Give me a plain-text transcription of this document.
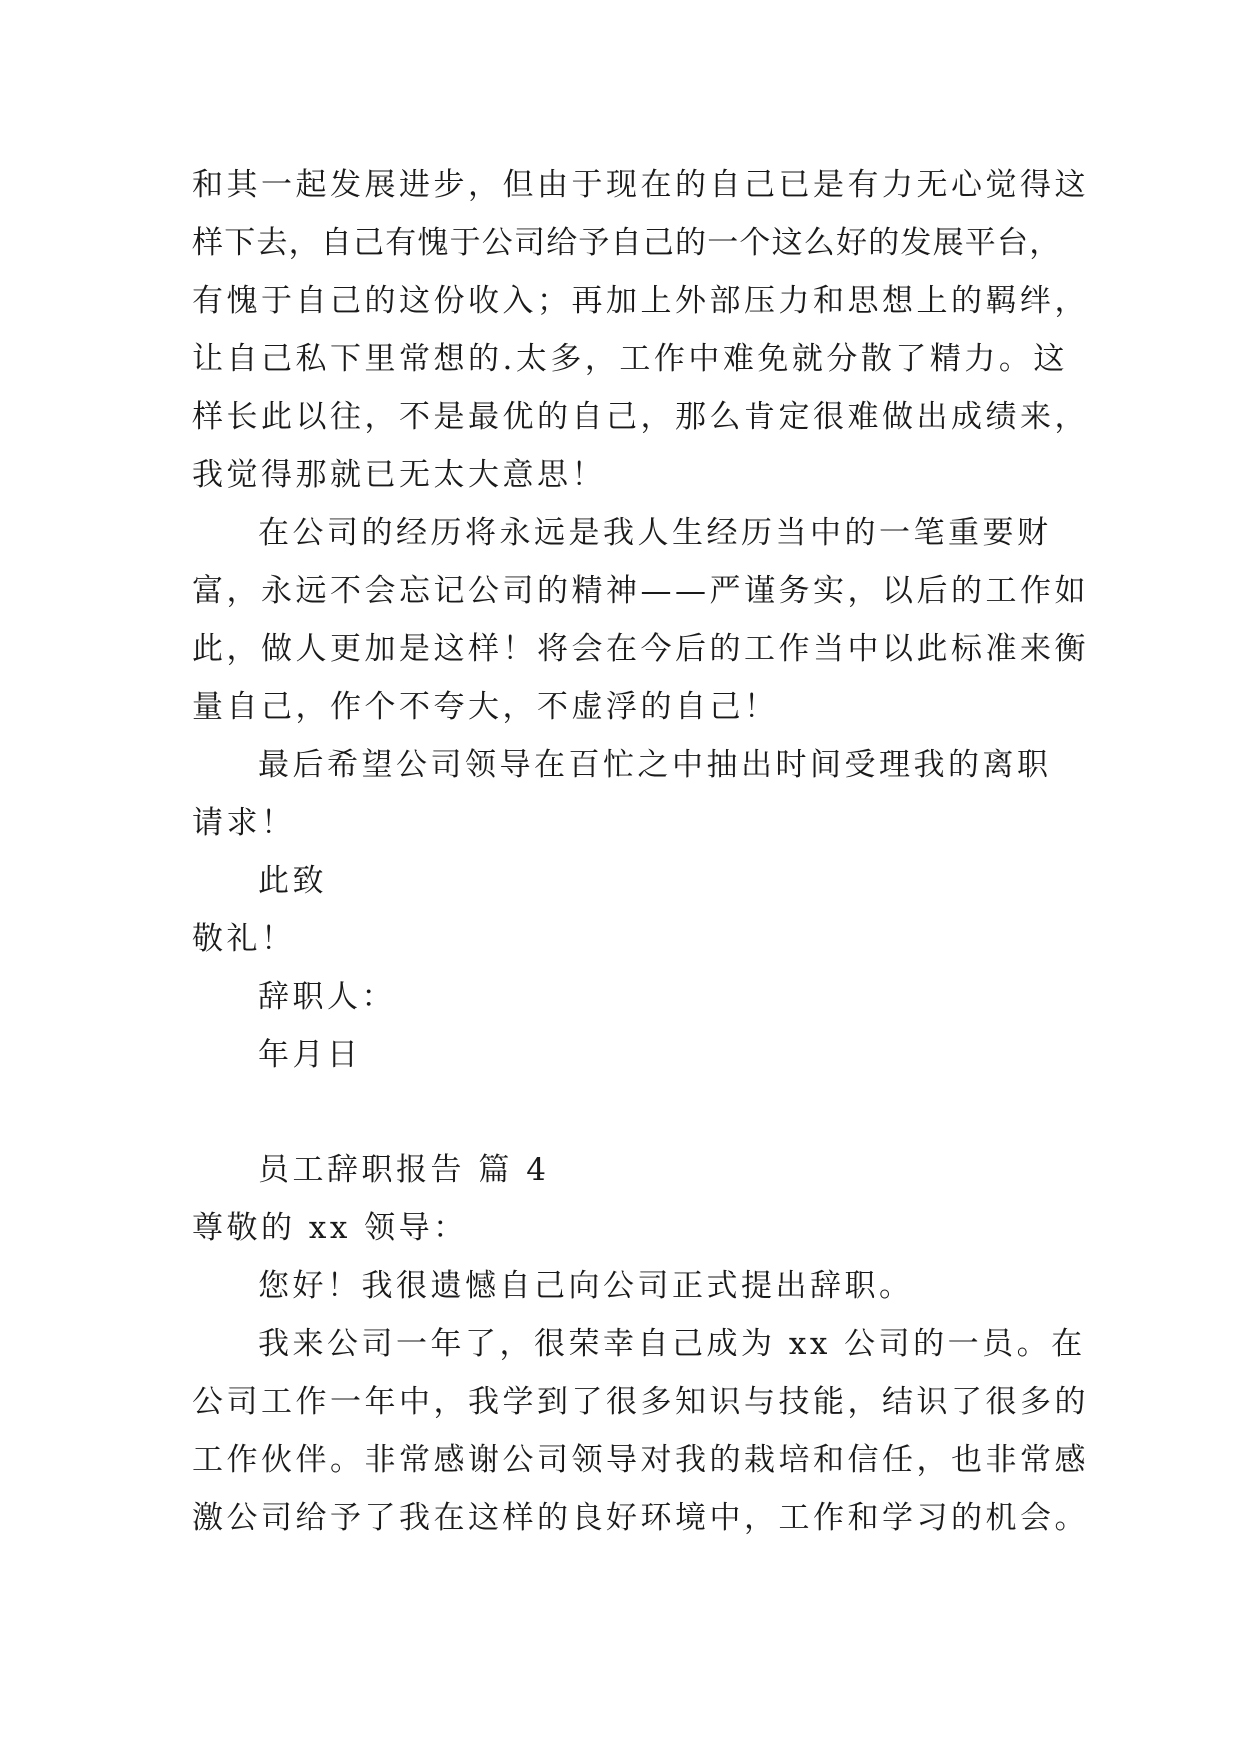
和其一起发展进步，但由于现在的自己已是有力无心觉得这
样下去，自己有愧于公司给予自己的一个这么好的发展平台，
有愧于自己的这份收入；再加上外部压力和思想上的羁绊，
让自己私下里常想的.太多，工作中难免就分散了精力。这
样长此以往，不是最优的自己，那么肯定很难做出成绩来，
我觉得那就已无太大意思！
在公司的经历将永远是我人生经历当中的一笔重要财
富，永远不会忘记公司的精神——严谨务实，以后的工作如
此，做人更加是这样！将会在今后的工作当中以此标准来衡
量自己，作个不夸大，不虚浮的自己！
最后希望公司领导在百忙之中抽出时间受理我的离职
请求！
此致
敬礼！
辞职人：
年月日
员工辞职报告 篇 4
尊敬的 xx 领导：
您好！我很遗憾自己向公司正式提出辞职。
我来公司一年了，很荣幸自己成为 xx 公司的一员。在
公司工作一年中，我学到了很多知识与技能，结识了很多的
工作伙伴。非常感谢公司领导对我的栽培和信任，也非常感
激公司给予了我在这样的良好环境中，工作和学习的机会。
